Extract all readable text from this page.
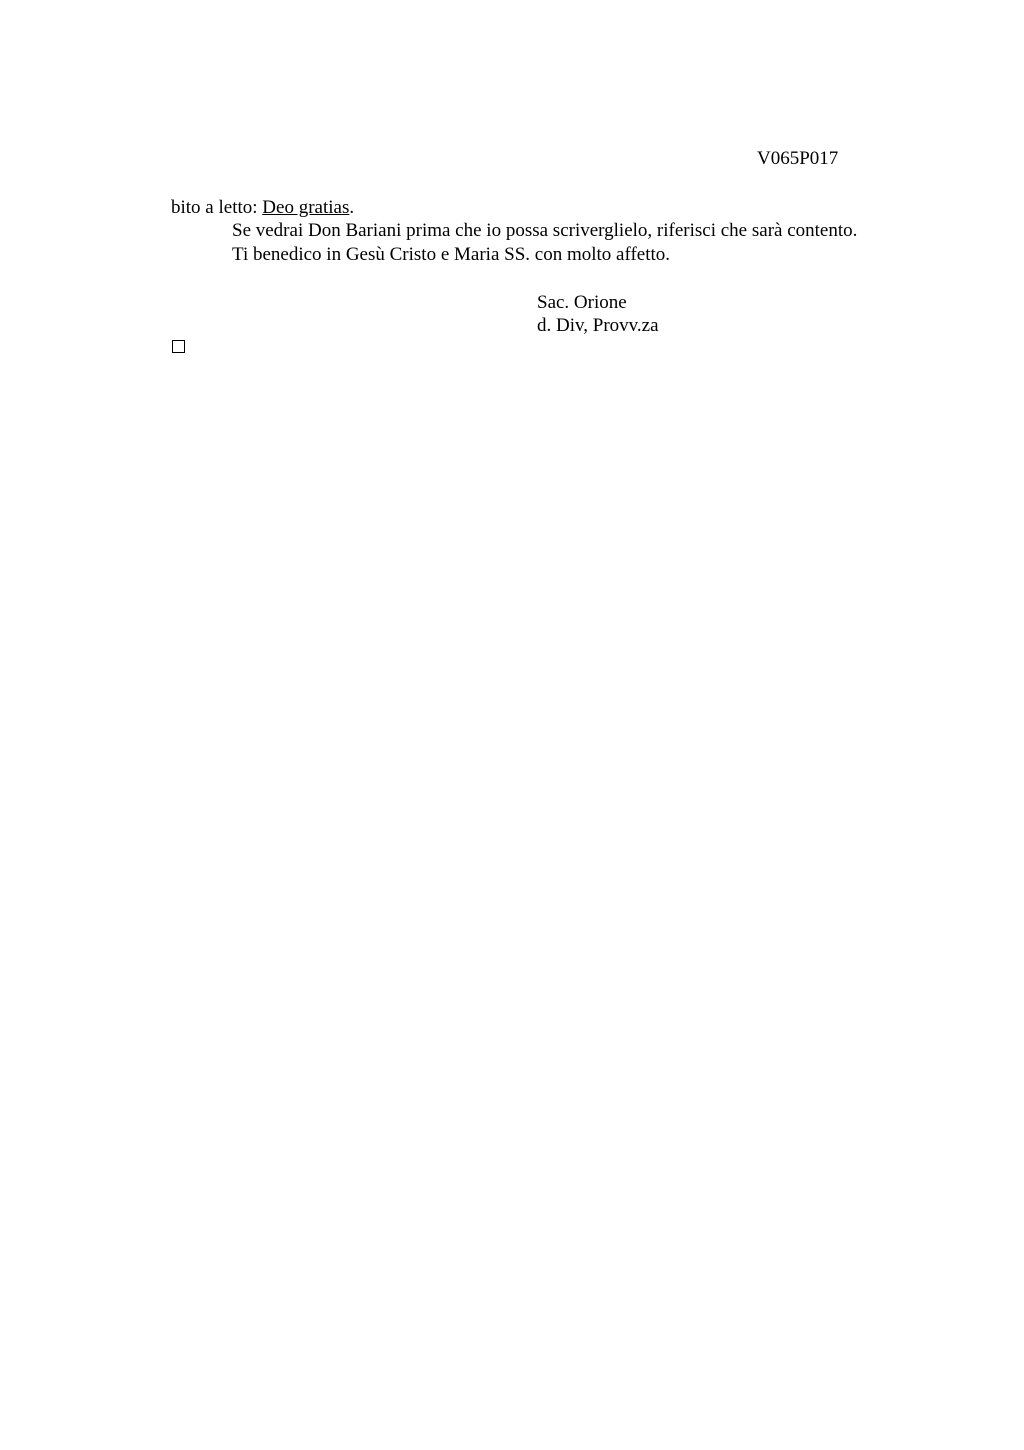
V065P017
bito a letto: Deo gratias.
Se vedrai Don Bariani prima che io possa scriverglielo, riferisci che sarà contento.
Ti benedico in Gesù Cristo e Maria SS. con molto affetto.
Sac. Orione
d. Div, Provv.za
